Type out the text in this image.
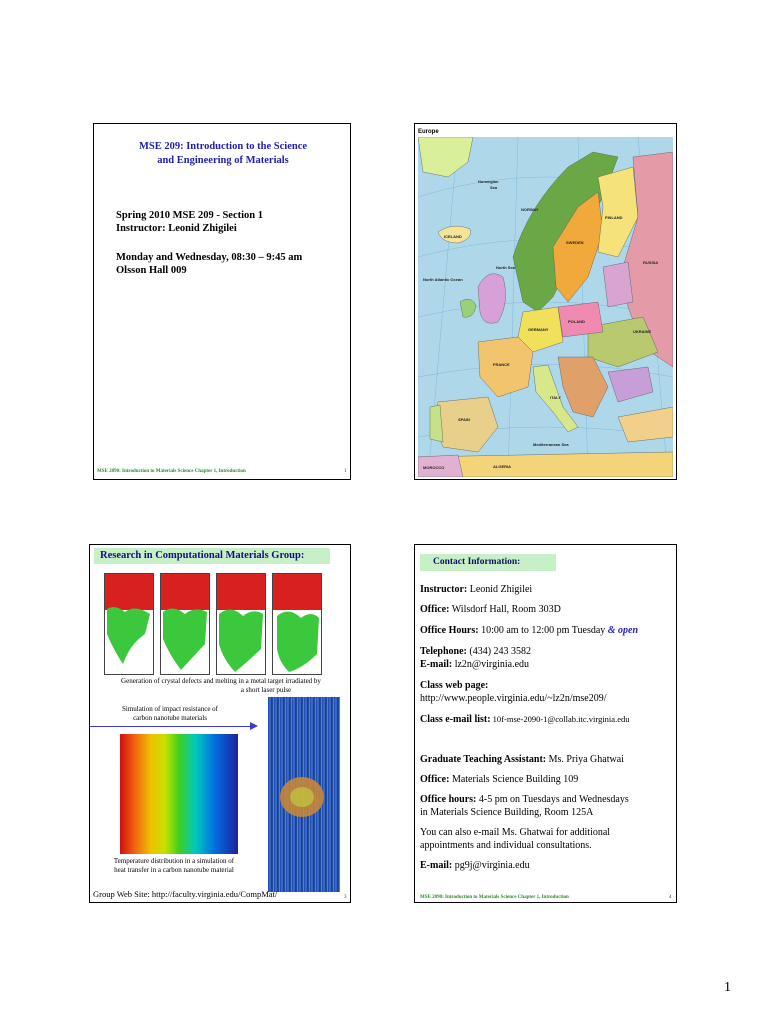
MSE 209: Introduction to the Science
and Engineering of Materials
Spring 2010 MSE 209 - Section 1
Instructor: Leonid Zhigilei
Monday and Wednesday, 08:30 – 9:45 am
Olsson Hall 009
MSE 2090: Introduction to Materials Science Chapter 1, Introduction	1
Europe
Norwegian
Sea
ICELAND
NORWAY
SWEDEN
FINLAND
RUSSIA
UKRAINE
POLAND
GERMANY
FRANCE
SPAIN
ITALY
ALGERIA
MOROCCO
North Sea
North Atlantic Ocean
Mediterranean Sea
Research in Computational Materials Group:
Generation of crystal defects and melting in a metal target irradiated by
a short laser pulse
Simulation of impact resistance of
carbon nanotube materials
Temperature distribution in a simulation of
heat transfer in a carbon nanotube material
Group Web Site: http://faculty.virginia.edu/CompMat/	3
Contact Information:
Instructor: Leonid Zhigilei
Office: Wilsdorf Hall, Room 303D
Office Hours: 10:00 am to 12:00 pm Tuesday & open
Telephone: (434) 243 3582
E-mail: lz2n@virginia.edu
Class web page:
http://www.people.virginia.edu/~lz2n/mse209/
Class e-mail list: 10f-mse-2090-1@collab.itc.virginia.edu
Graduate Teaching Assistant: Ms. Priya Ghatwai
Office: Materials Science Building 109
Office hours: 4-5 pm on Tuesdays and Wednesdays
in Materials Science Building, Room 125A
You can also e-mail Ms. Ghatwai for additional
appointments and individual consultations.
E-mail: pg9j@virginia.edu
MSE 2090: Introduction to Materials Science Chapter 1, Introduction	4
1
